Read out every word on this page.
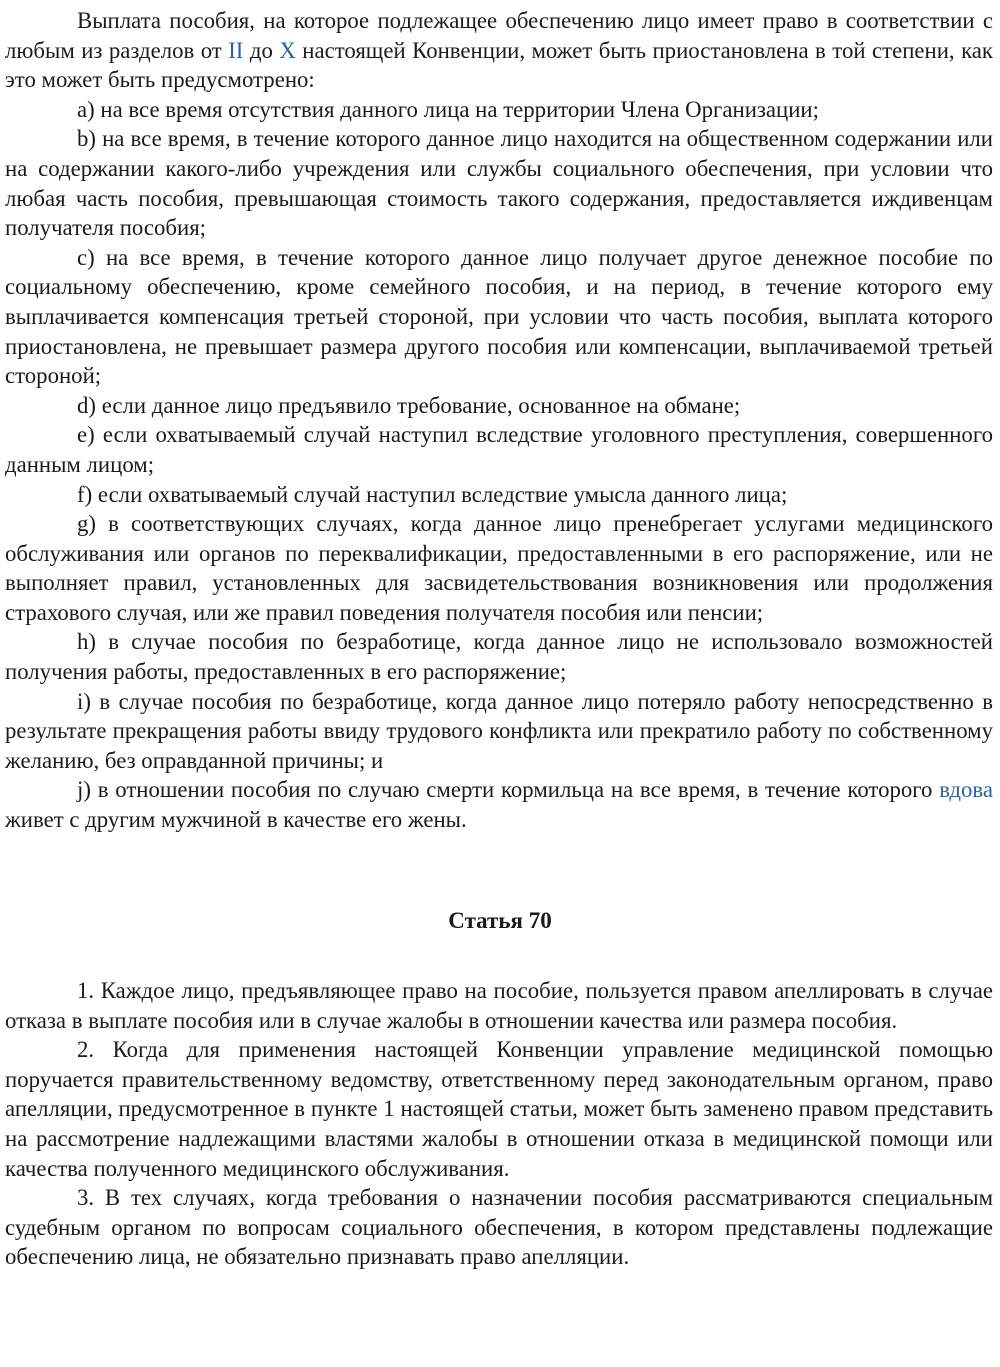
Выплата пособия, на которое подлежащее обеспечению лицо имеет право в соответствии с любым из разделов от II до X настоящей Конвенции, может быть приостановлена в той степени, как это может быть предусмотрено:

а) на все время отсутствия данного лица на территории Члена Организации;

b) на все время, в течение которого данное лицо находится на общественном содержании или на содержании какого-либо учреждения или службы социального обеспечения, при условии что любая часть пособия, превышающая стоимость такого содержания, предоставляется иждивенцам получателя пособия;

c) на все время, в течение которого данное лицо получает другое денежное пособие по социальному обеспечению, кроме семейного пособия, и на период, в течение которого ему выплачивается компенсация третьей стороной, при условии что часть пособия, выплата которого приостановлена, не превышает размера другого пособия или компенсации, выплачиваемой третьей стороной;

d) если данное лицо предъявило требование, основанное на обмане;

e) если охватываемый случай наступил вследствие уголовного преступления, совершенного данным лицом;

f) если охватываемый случай наступил вследствие умысла данного лица;

g) в соответствующих случаях, когда данное лицо пренебрегает услугами медицинского обслуживания или органов по переквалификации, предоставленными в его распоряжение, или не выполняет правил, установленных для засвидетельствования возникновения или продолжения страхового случая, или же правил поведения получателя пособия или пенсии;

h) в случае пособия по безработице, когда данное лицо не использовало возможностей получения работы, предоставленных в его распоряжение;

i) в случае пособия по безработице, когда данное лицо потеряло работу непосредственно в результате прекращения работы ввиду трудового конфликта или прекратило работу по собственному желанию, без оправданной причины; и

j) в отношении пособия по случаю смерти кормильца на все время, в течение которого вдова живет с другим мужчиной в качестве его жены.

Статья 70

1. Каждое лицо, предъявляющее право на пособие, пользуется правом апеллировать в случае отказа в выплате пособия или в случае жалобы в отношении качества или размера пособия.

2. Когда для применения настоящей Конвенции управление медицинской помощью поручается правительственному ведомству, ответственному перед законодательным органом, право апелляции, предусмотренное в пункте 1 настоящей статьи, может быть заменено правом представить на рассмотрение надлежащими властями жалобы в отношении отказа в медицинской помощи или качества полученного медицинского обслуживания.

3. В тех случаях, когда требования о назначении пособия рассматриваются специальным судебным органом по вопросам социального обеспечения, в котором представлены подлежащие обеспечению лица, не обязательно признавать право апелляции.
